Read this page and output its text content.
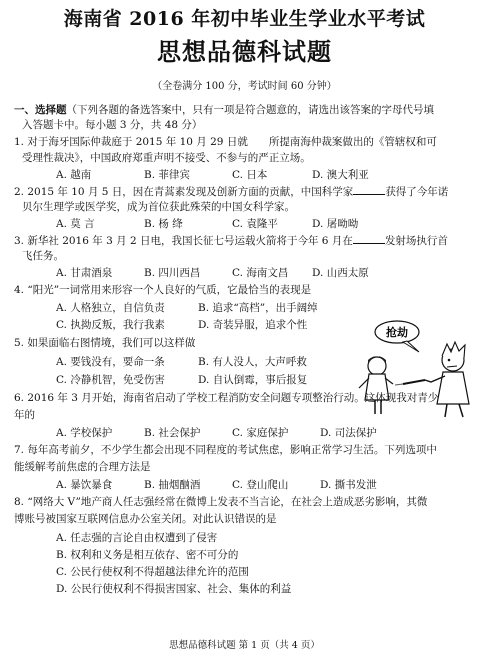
海南省 2016 年初中毕业生学业水平考试
思想品德科试题
（全卷满分 100 分，考试时间 60 分钟）
一、选择题（下列各题的备选答案中，只有一项是符合题意的，请选出该答案的字母代号填
入答题卡中。每小题 3 分，共 48 分）
1. 对于海牙国际仲裁庭于 2015 年 10 月 29 日就　　所提南海仲裁案做出的《管辖权和可
受理性裁决》，中国政府郑重声明不接受、不参与的严正立场。
A. 越南	B. 菲律宾	C. 日本	D. 澳大利亚
2. 2015 年 10 月 5 日，因在青蒿素发现及创新方面的贡献，中国科学家	获得了今年诺
贝尔生理学或医学奖，成为首位获此殊荣的中国女科学家。
A. 莫 言	B. 杨 绛	C. 袁隆平	D. 屠呦呦
3. 新华社 2016 年 3 月 2 日电，我国长征七号运载火箭将于今年 6 月在	发射场执行首
飞任务。
A. 甘肃酒泉	B. 四川西昌	C. 海南文昌 D. 山西太原
4. “阳光”一词常用来形容一个人良好的气质，它最恰当的表现是
A. 人格独立，自信负责	B. 追求“高档”，出手阔绰
C. 执拗反叛，我行我素	D. 奇装异服，追求个性
5. 如果面临右图情境，我们可以这样做
A. 要钱没有，要命一条	B. 有人没人，大声呼救
C. 冷静机智，免受伤害	D. 自认倒霉，事后报复
抢劫
6. 2016 年 3 月开始，海南省启动了学校工程消防安全问题专项整治行动。这体现我对青少
年的
A. 学校保护	B. 社会保护	C. 家庭保护	D. 司法保护
7. 每年高考前夕，不少学生都会出现不同程度的考试焦虑，影响正常学习生活。下列选项中
能缓解考前焦虑的合理方法是
A. 暴饮暴食	B. 抽烟酗酒	C. 登山爬山	D. 撕书发泄
8. “网络大 V”地产商人任志强经常在微博上发表不当言论，在社会上造成恶劣影响，其微
博账号被国家互联网信息办公室关闭。对此认识错误的是
A. 任志强的言论自由权遭到了侵害
B. 权利和义务是相互依存、密不可分的
C. 公民行使权利不得超越法律允许的范围
D. 公民行使权利不得损害国家、社会、集体的利益
思想品德科试题 第 1 页（共 4 页）
